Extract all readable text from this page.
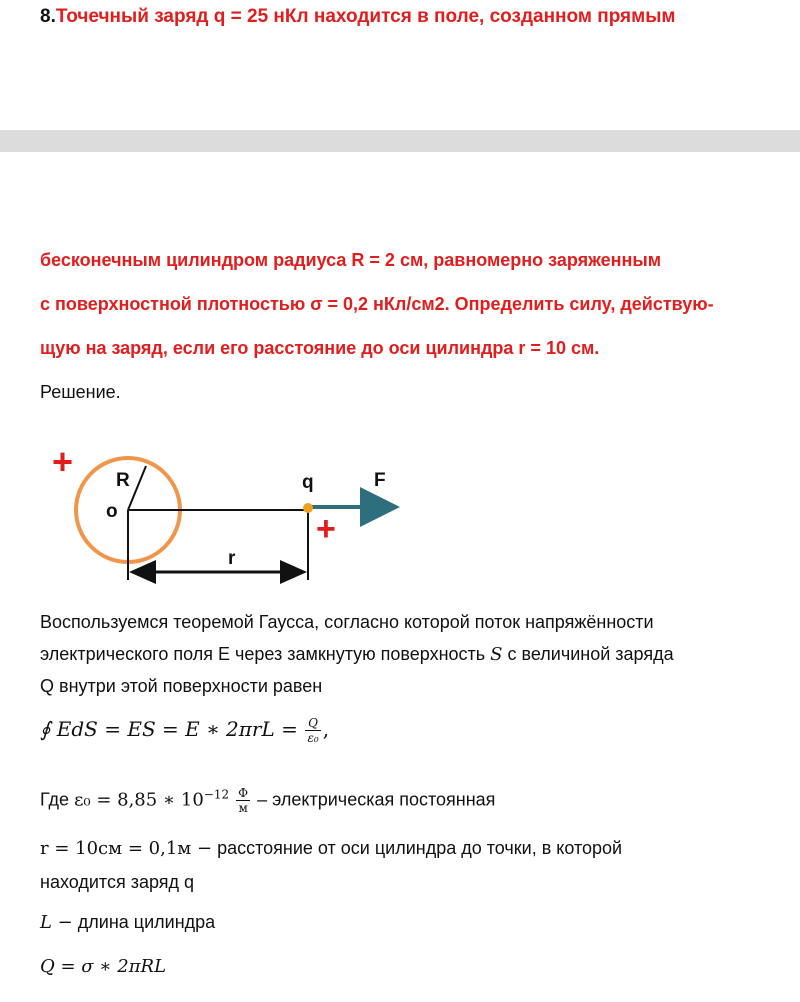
8.Точечный заряд q = 25 нКл находится в поле, созданном прямым
бесконечным цилиндром радиуса R = 2 см, равномерно заряженным
с поверхностной плотностью σ = 0,2 нКл/см2. Определить силу, действую-
щую на заряд, если его расстояние до оси цилиндра r = 10 см.
Решение.
+ R
o
q	F
r
+
Воспользуемся теоремой Гаусса, согласно которой поток напряжённости
электрического поля E через замкнутую поверхность S с величиной заряда
Q внутри этой поверхности равен
∮ EdS = ES = E ∗ $2\pi rL = \frac{Q}{\text{ε₀}}$ ,
Где ε₀ = 8,85 ∗ $10^{-12} \frac{Ф}{м}$ – электрическая постоянная
r = 10см = 0,1м − расстояние от оси цилиндра до точки, в которой
находится заряд q
L − длина цилиндра
Q = σ ∗ 2πRL
